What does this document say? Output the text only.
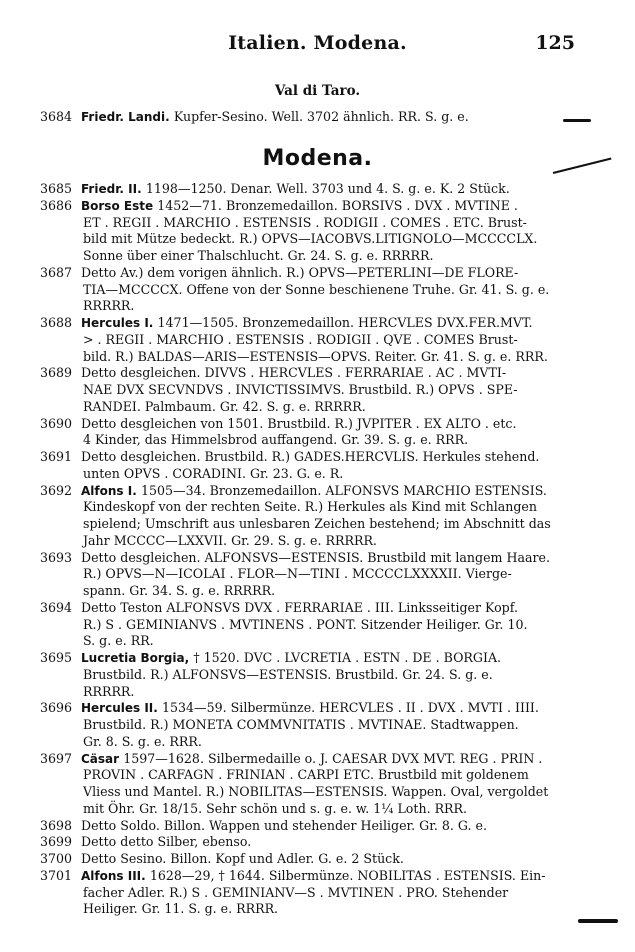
Italien. Modena.	125
Val di Taro.
Modena.
3684 Friedr. Landi. Kupfer-Sesino. Well. 3702 ähnlich. RR. S. g. e.
3685 Friedr. II. 1198—1250. Denar. Well. 3703 und 4. S. g. e. K. 2 Stück.
3686 Borso Este 1452—71. Bronzemedaillon. BORSIVS . DVX . MVTINE .
ET . REGII . MARCHIO . ESTENSIS . RODIGII . COMES . ETC. Brust-
bild mit Mütze bedeckt. R.) OPVS—IACOBVS.LITIGNOLO—MCCCCLX.
Sonne über einer Thalschlucht. Gr. 24. S. g. e. RRRRR.
3687 Detto Av.) dem vorigen ähnlich. R.) OPVS—PETERLINI—DE FLORE-
TIA—MCCCCX. Offene von der Sonne beschienene Truhe. Gr. 41. S. g. e.
RRRRR.
3688 Hercules I. 1471—1505. Bronzemedaillon. HERCVLES DVX.FER.MVT.
> . REGII . MARCHIO . ESTENSIS . RODIGII . QVE . COMES Brust-
bild. R.) BALDAS—ARIS—ESTENSIS—OPVS. Reiter. Gr. 41. S. g. e. RRR.
3689 Detto desgleichen. DIVVS . HERCVLES . FERRARIAE . AC . MVTI-
NAE DVX SECVNDVS . INVICTISSIMVS. Brustbild. R.) OPVS . SPE-
RANDEI. Palmbaum. Gr. 42. S. g. e. RRRRR.
3690 Detto desgleichen von 1501. Brustbild. R.) JVPITER . EX ALTO . etc.
4 Kinder, das Himmelsbrod auffangend. Gr. 39. S. g. e. RRR.
3691 Detto desgleichen. Brustbild. R.) GADES.HERCVLIS. Herkules stehend.
unten OPVS . CORADINI. Gr. 23. G. e. R.
3692 Alfons I. 1505—34. Bronzemedaillon. ALFONSVS MARCHIO ESTENSIS.
Kindeskopf von der rechten Seite. R.) Herkules als Kind mit Schlangen
spielend; Umschrift aus unlesbaren Zeichen bestehend; im Abschnitt das
Jahr MCCCC—LXXVII. Gr. 29. S. g. e. RRRRR.
3693 Detto desgleichen. ALFONSVS—ESTENSIS. Brustbild mit langem Haare.
R.) OPVS—N—ICOLAI . FLOR—N—TINI . MCCCCLXXXXII. Vierge-
spann. Gr. 34. S. g. e. RRRRR.
3694 Detto Teston ALFONSVS DVX . FERRARIAE . III. Linksseitiger Kopf.
R.) S . GEMINIANVS . MVTINENS . PONT. Sitzender Heiliger. Gr. 10.
S. g. e. RR.
3695 Lucretia Borgia, † 1520. DVC . LVCRETIA . ESTN . DE . BORGIA.
Brustbild. R.) ALFONSVS—ESTENSIS. Brustbild. Gr. 24. S. g. e.
RRRRR.
3696 Hercules II. 1534—59. Silbermünze. HERCVLES . II . DVX . MVTI . IIII.
Brustbild. R.) MONETA COMMVNITATIS . MVTINAE. Stadtwappen.
Gr. 8. S. g. e. RRR.
3697 Cäsar 1597—1628. Silbermedaille o. J. CAESAR DVX MVT. REG . PRIN .
PROVIN . CARFAGN . FRINIAN . CARPI ETC. Brustbild mit goldenem
Vliess und Mantel. R.) NOBILITAS—ESTENSIS. Wappen. Oval, vergoldet
mit Öhr. Gr. 18/15. Sehr schön und s. g. e. w. 1¼ Loth. RRR.
3698 Detto Soldo. Billon. Wappen und stehender Heiliger. Gr. 8. G. e.
3699 Detto detto Silber, ebenso.
3700 Detto Sesino. Billon. Kopf und Adler. G. e. 2 Stück.
3701 Alfons III. 1628—29, † 1644. Silbermünze. NOBILITAS . ESTENSIS. Ein-
facher Adler. R.) S . GEMINIANV—S . MVTINEN . PRO. Stehender
Heiliger. Gr. 11. S. g. e. RRRR.
